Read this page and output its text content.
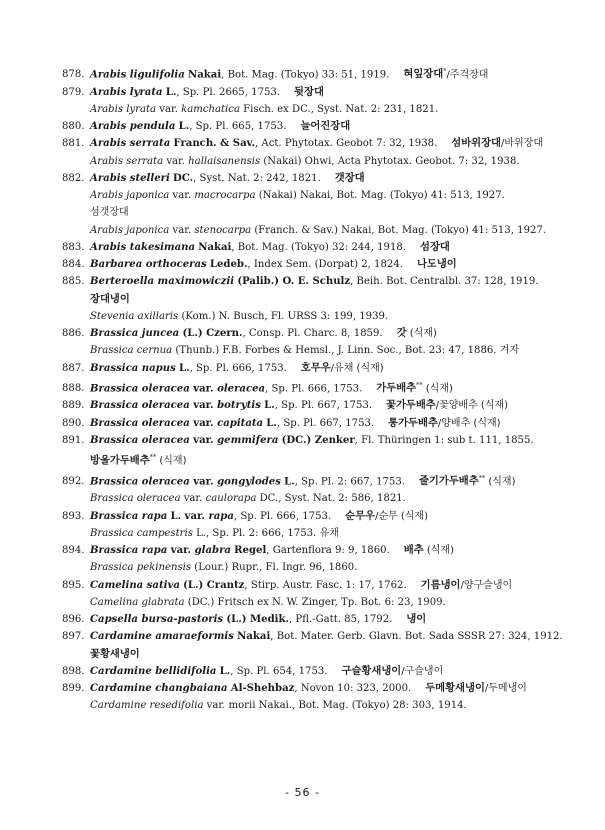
878. Arabis ligulifolia Nakai, Bot. Mag. (Tokyo) 33: 51, 1919. 혀잎장대*/주걱장대
879. Arabis lyrata L., Sp. Pl. 2665, 1753. 뒷장대
Arabis lyrata var. kamchatica Fisch. ex DC., Syst. Nat. 2: 231, 1821.
880. Arabis pendula L., Sp. Pl. 665, 1753. 늘어진장대
881. Arabis serrata Franch. & Sav., Act. Phytotax. Geobot 7: 32, 1938. 섬바위장대/바위장대
Arabis serrata var. hallaisanensis (Nakai) Ohwi, Acta Phytotax. Geobot. 7: 32, 1938.
882. Arabis stelleri DC., Syst. Nat. 2: 242, 1821. 갯장대
Arabis japonica var. macrocarpa (Nakai) Nakai, Bot. Mag. (Tokyo) 41: 513, 1927.
섬갯장대
Arabis japonica var. stenocarpa (Franch. & Sav.) Nakai, Bot. Mag. (Tokyo) 41: 513, 1927.
883. Arabis takesimana Nakai, Bot. Mag. (Tokyo) 32: 244, 1918. 섬장대
884. Barbarea orthoceras Ledeb., Index Sem. (Dorpat) 2, 1824. 나도냉이
885. Berteroella maximowiczii (Palib.) O. E. Schulz, Beih. Bot. Centralbl. 37: 128, 1919.
장대냉이
Stevenia axillaris (Kom.) N. Busch, Fl. URSS 3: 199, 1939.
886. Brassica juncea (L.) Czern., Consp. Pl. Charc. 8, 1859. 갓 (식재)
Brassica cernua (Thunb.) F.B. Forbes & Hemsl., J. Linn. Soc., Bot. 23: 47, 1886. 겨자
887. Brassica napus L., Sp. Pl. 666, 1753. 호무우/유채 (식재)
888. Brassica oleracea var. oleracea, Sp. Pl. 666, 1753. 가두배추** (식재)
889. Brassica oleracea var. botrytis L., Sp. Pl. 667, 1753. 꽃가두배추/꽃양배추 (식재)
890. Brassica oleracea var. capitata L., Sp. Pl. 667, 1753. 통가두배추/양배추 (식재)
891. Brassica oleracea var. gemmifera (DC.) Zenker, Fl. Thüringen 1: sub t. 111, 1855.
방울가두배추** (식재)
892. Brassica oleracea var. gongylodes L., Sp. Pl. 2: 667, 1753. 줄기가두배추** (식재)
Brassica oleracea var. caulorapa DC., Syst. Nat. 2: 586, 1821.
893. Brassica rapa L. var. rapa, Sp. Pl. 666, 1753. 순무우/순무 (식재)
Brassica campestris L., Sp. Pl. 2: 666, 1753. 유채
894. Brassica rapa var. glabra Regel, Gartenflora 9: 9, 1860. 배추 (식재)
Brassica pekinensis (Lour.) Rupr., Fl. Ingr. 96, 1860.
895. Camelina sativa (L.) Crantz, Stirp. Austr. Fasc. 1: 17, 1762. 기름냉이/양구슬냉이
Camelina glabrata (DC.) Fritsch ex N. W. Zinger, Tp. Bot. 6: 23, 1909.
896. Capsella bursa-pastoris (L.) Medik., Pfl.-Gatt. 85, 1792. 냉이
897. Cardamine amaraeformis Nakai, Bot. Mater. Gerb. Glavn. Bot. Sada SSSR 27: 324, 1912.
꽃황새냉이
898. Cardamine bellidifolia L., Sp. Pl. 654, 1753. 구슬황새냉이/구슬냉이
899. Cardamine changbaiana Al-Shehbaz, Novon 10: 323, 2000. 두메황새냉이/두메냉이
Cardamine resedifolia var. morii Nakai., Bot. Mag. (Tokyo) 28: 303, 1914.
- 56 -
